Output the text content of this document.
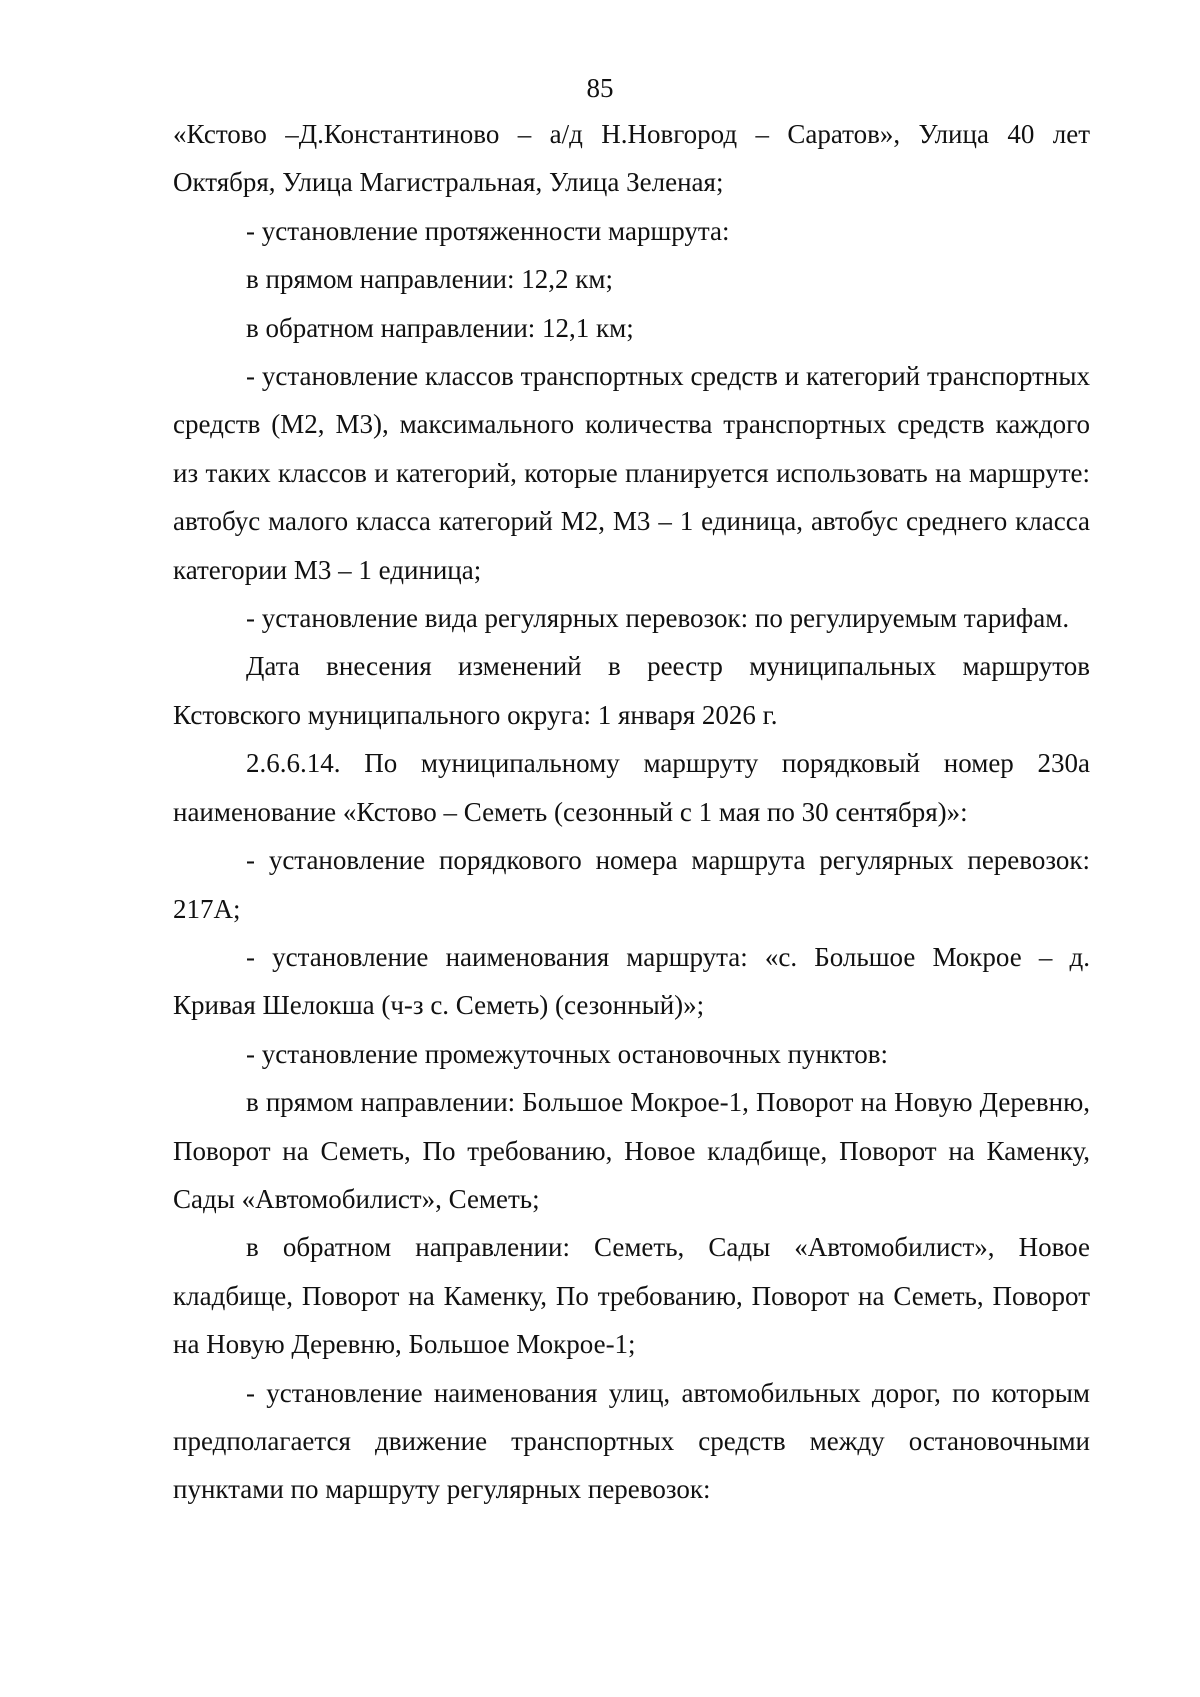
85

«Кстово –Д.Константиново – а/д Н.Новгород – Саратов», Улица 40 лет Октября, Улица Магистральная, Улица Зеленая;

- установление протяженности маршрута:

в прямом направлении: 12,2 км;

в обратном направлении: 12,1 км;

- установление классов транспортных средств и категорий транспортных средств (М2, М3), максимального количества транспортных средств каждого из таких классов и категорий, которые планируется использовать на маршруте: автобус малого класса категорий М2, М3 – 1 единица, автобус среднего класса категории М3 – 1 единица;

- установление вида регулярных перевозок: по регулируемым тарифам.

Дата внесения изменений в реестр муниципальных маршрутов Кстовского муниципального округа: 1 января 2026 г.

2.6.6.14. По муниципальному маршруту порядковый номер 230а наименование «Кстово – Семеть (сезонный с 1 мая по 30 сентября)»:

- установление порядкового номера маршрута регулярных перевозок: 217А;

- установление наименования маршрута: «с. Большое Мокрое – д. Кривая Шелокша (ч-з с. Семеть) (сезонный)»;

- установление промежуточных остановочных пунктов:

в прямом направлении: Большое Мокрое-1, Поворот на Новую Деревню, Поворот на Семеть, По требованию, Новое кладбище, Поворот на Каменку, Сады «Автомобилист», Семеть;

в обратном направлении: Семеть, Сады «Автомобилист», Новое кладбище, Поворот на Каменку, По требованию, Поворот на Семеть, Поворот на Новую Деревню, Большое Мокрое-1;

- установление наименования улиц, автомобильных дорог, по которым предполагается движение транспортных средств между остановочными пунктами по маршруту регулярных перевозок:
